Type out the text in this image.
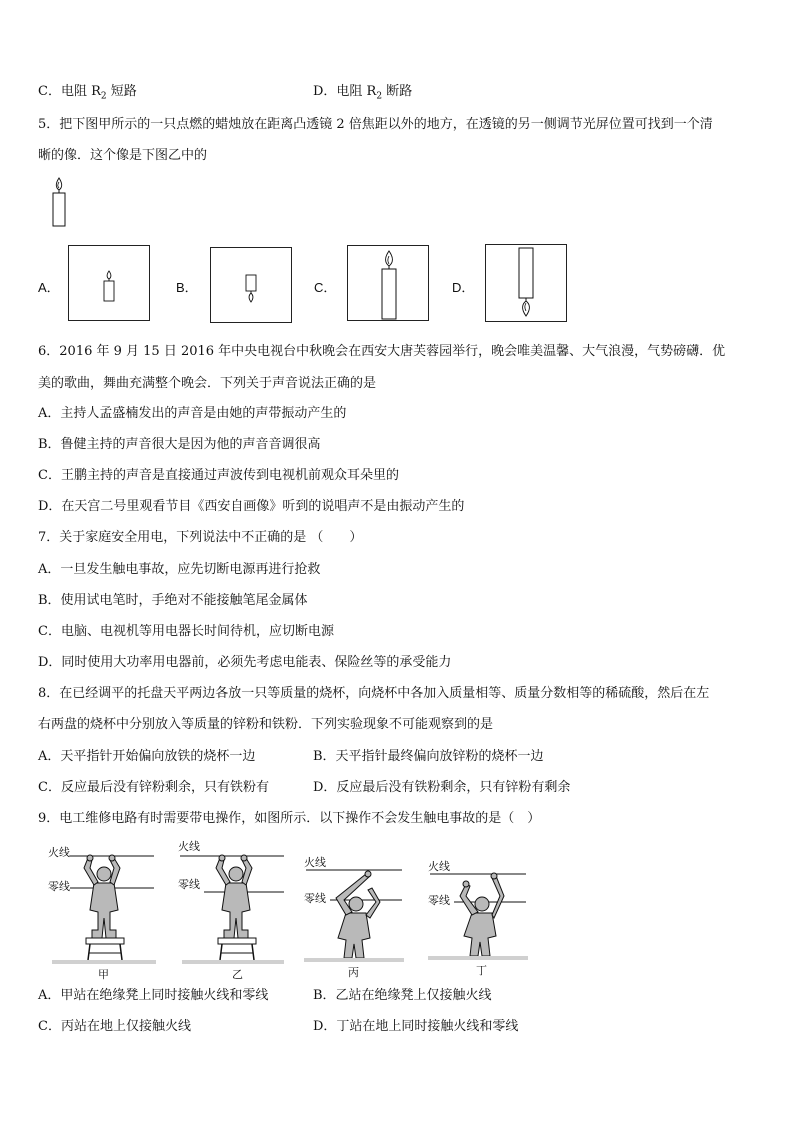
C．电阻 $R_2$ 短路	D．电阻 $R_2$ 断路
5．把下图甲所示的一只点燃的蜡烛放在距离凸透镜 2 倍焦距以外的地方，在透镜的另一侧调节光屏位置可找到一个清
晰的像．这个像是下图乙中的
A．	B．	C．	D．
6．2016 年 9 月 15 日 2016 年中央电视台中秋晚会在西安大唐芙蓉园举行，晚会唯美温馨、大气浪漫，气势磅礴．优
美的歌曲，舞曲充满整个晚会．下列关于声音说法正确的是
A．主持人孟盛楠发出的声音是由她的声带振动产生的
B．鲁健主持的声音很大是因为他的声音音调很高
C．王鹏主持的声音是直接通过声波传到电视机前观众耳朵里的
D．在天宫二号里观看节目《西安自画像》听到的说唱声不是由振动产生的
7．关于家庭安全用电，下列说法中不正确的是 （　　）
A．一旦发生触电事故，应先切断电源再进行抢救
B．使用试电笔时，手绝对不能接触笔尾金属体
C．电脑、电视机等用电器长时间待机，应切断电源
D．同时使用大功率用电器前，必须先考虑电能表、保险丝等的承受能力
8．在已经调平的托盘天平两边各放一只等质量的烧杯，向烧杯中各加入质量相等、质量分数相等的稀硫酸，然后在左
右两盘的烧杯中分别放入等质量的锌粉和铁粉．下列实验现象不可能观察到的是
A．天平指针开始偏向放铁的烧杯一边	B．天平指针最终偏向放锌粉的烧杯一边
C．反应最后没有锌粉剩余，只有铁粉有	D．反应最后没有铁粉剩余，只有锌粉有剩余
9．电工维修电路有时需要带电操作，如图所示．以下操作不会发生触电事故的是（　）
火线
零线
甲
火线
零线
乙
火线
零线
丙
火线
零线
丁
A．甲站在绝缘凳上同时接触火线和零线	B．乙站在绝缘凳上仅接触火线
C．丙站在地上仅接触火线	D．丁站在地上同时接触火线和零线
